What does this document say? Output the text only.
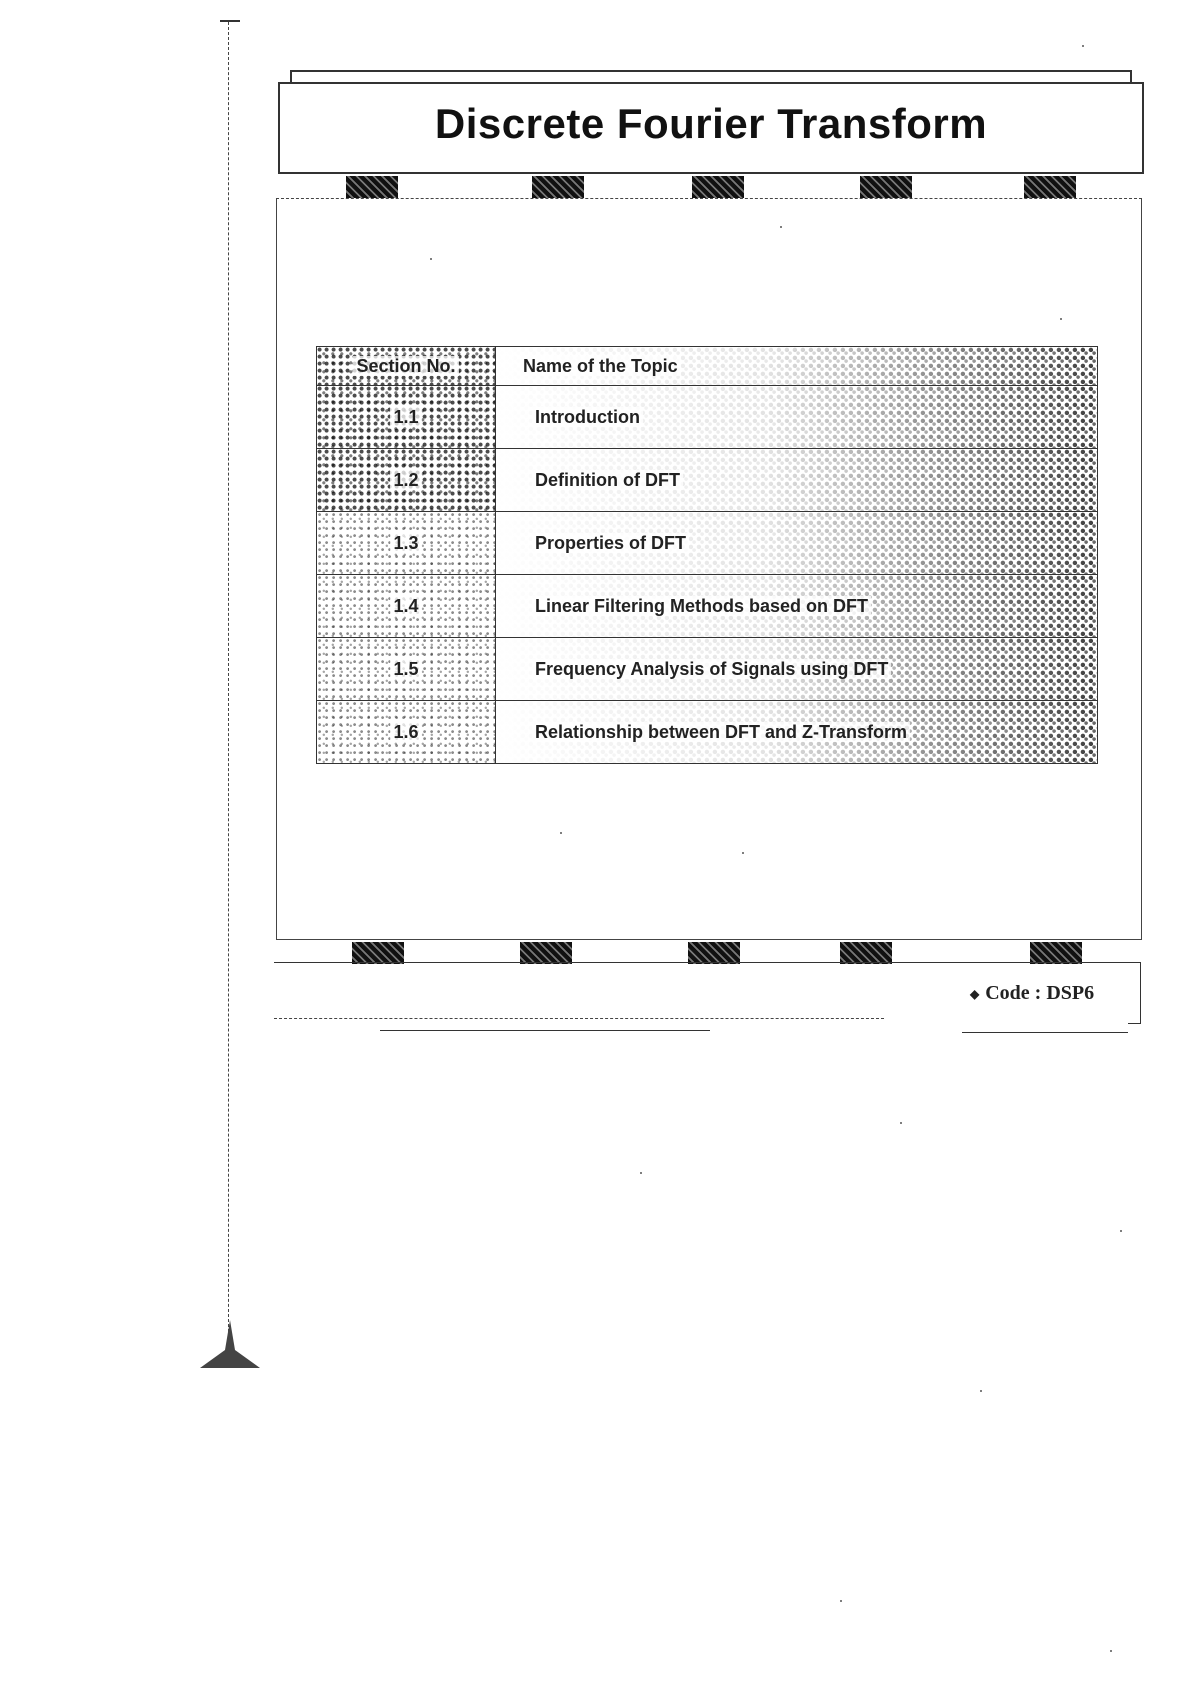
Discrete Fourier Transform
Section No.	Name of the Topic
1.1	Introduction
1.2	Definition of DFT
1.3	Properties of DFT
1.4	Linear Filtering Methods based on DFT
1.5	Frequency Analysis of Signals using DFT
1.6	Relationship between DFT and Z-Transform
◆ Code : DSP6
